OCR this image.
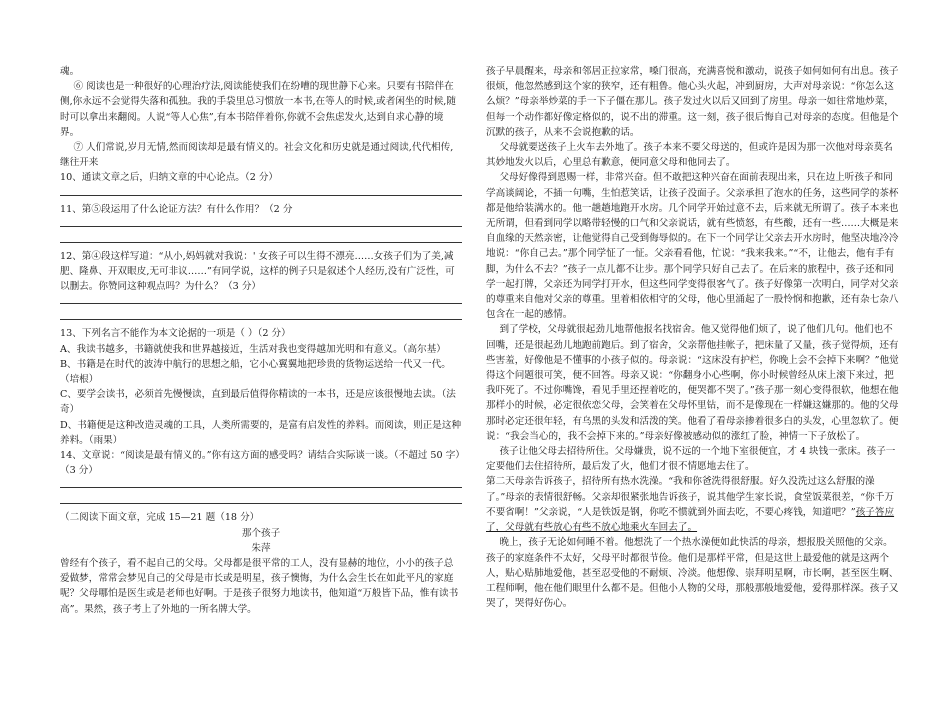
魂。

⑥ 阅读也是一种很好的心理治疗法,阅读能使我们在纷嘈的现世静下心来。只要有书陪伴在侧,你永远不会觉得失落和孤独。我的手袋里总习惯放一本书,在等人的时候,或者闲坐的时候,随时可以拿出来翻阅。人说“等人心焦”,有本书陪伴着你,你就不会焦虑发火,达到自求心静的境界。

⑦ 人们常说,岁月无情,然而阅读却是最有情义的。社会文化和历史就是通过阅读,代代相传,继往开来

10、通读文章之后，归纳文章的中心论点。（2 分）

11、第⑤段运用了什么论证方法？有什么作用？（2 分

12、第④段这样写道：“从小,妈妈就对我说：' 女孩子可以生得不漂亮……女孩子们为了美,减肥、隆鼻、开双眼皮,无可非议……”有同学说，这样的例子只是叙述个人经历,没有广泛性，可以删去。你赞同这种观点吗？为什么？（3 分）

13、下列名言不能作为本文论据的一项是（ ）（2 分）

A、我读书越多，书籍就使我和世界越接近，生活对我也变得越加光明和有意义。（高尔基）

B、书籍是在时代的波涛中航行的思想之船，它小心翼翼地把珍贵的货物运送给一代又一代。（培根）

C、要学会读书，必须首先慢慢读，直到最后值得你精读的一本书，还是应该很慢地去读。（法奇）

D、书籍便是这种改造灵魂的工具，人类所需要的，是富有启发性的养料。而阅读，则正是这种养料。（雨果）

14、文章说：“阅读是最有情义的。”你有这方面的感受吗？请结合实际谈一谈。（不超过 50 字）（3 分）

（二阅读下面文章，完成 15—21 题（18 分）

那个孩子

朱萍

曾经有个孩子，看不起自己的父母。父母都是很平常的工人，没有显赫的地位，小小的孩子总爱做梦，常常会梦见自己的父母是市长或是明星，孩子懊悔，为什么会生长在如此平凡的家庭呢？父母哪怕是医生或是老师也好啊。于是孩子很努力地读书，他知道“万般皆下品，惟有读书高”。果然，孩子考上了外地的一所名牌大学。

孩子早晨醒来，母亲和邻居正拉家常，嗓门很高，充满喜悦和激动，说孩子如何如何有出息。孩子很烦，他忽然感到这个家的狭窄，还有粗鲁。他心头火起，冲到厨房，大声对母亲说：“你怎么这么烦？”母亲举炒菜的手一下子僵在那儿。孩子发过火以后又回到了房里。母亲一如往常地炒菜，但每一个动作都好像定格似的，说不出的滞重。这一刻，孩子很后悔自己对母亲的态度。但他是个沉默的孩子，从来不会说抱歉的话。

父母就要送孩子上火车去外地了。孩子本来不要父母送的，但或许是因为那一次他对母亲莫名其妙地发火以后，心里总有歉意，便同意父母和他同去了。

父母好像得到恩赐一样，非常兴奋。但不敢把这种兴奋在面前表现出来，只在边上听孩子和同学高谈阔论，不插一句嘴，生怕惹笑话，让孩子没面子。父亲承担了泡水的任务，这些同学的茶杯都是他给装满水的。他一趟趟地跑开水房。几个同学开始过意不去，后来就无所谓了。孩子本来也无所谓，但看到同学以略带轻慢的口气和父亲说话，就有些愤怒，有些酸，还有一些……大概是来自血缘的天然亲密，让他觉得自己受到侮辱似的。在下一个同学让父亲去开水房时，他坚决地冷冷地说：“你自己去。”那个同学怔了一怔。父亲看看他，忙说：“我来我来。”“不，让他去，他有手有脚，为什么不去？”孩子一点儿都不让步。那个同学只好自己去了。在后来的旅程中，孩子还和同学一起打牌，父亲还为同学打开水，但这些同学变得很客气了。孩子好像第一次明白，同学对父亲的尊重来自他对父亲的尊重。里着相依相守的父母，他心里涌起了一股怜悯和抱歉，还有杂七杂八包含在一起的感情。

到了学校，父母就很起劲儿地帮他报名找宿舍。他又觉得他们烦了，说了他们几句。他们也不回嘴，还是很起劲儿地跑前跑后。到了宿舍，父亲帮他挂帐子，把床量了又量，孩子觉得烦，还有些害羞，好像他是不懂事的小孩子似的。母亲说：“这床没有护栏，你晚上会不会掉下来啊？”他觉得这个问题很可笑，便不回答。母亲又说：“你翻身小心些啊，你小时候曾经从床上滚下来过，把我吓死了。不过你嘴馋，看见手里还捏着吃的，便哭都不哭了。”孩子那一刻心变得很软，他想在他那样小的时候，必定很依恋父母，会笑着在父母怀里钻，而不是像现在一样嫌这嫌那的。他的父母那时必定还很年轻，有乌黑的头发和活泼的笑。他看了看母亲掺着很多白的头发，心里忽软了。便说：“我会当心的，我不会掉下来的。”母亲好像被感动似的涨红了脸，神情一下子放松了。

孩子让他父母去招待所住。父母嫌贵，说不远的一个地下室很便宜，才 4 块钱一张床。孩子一定要他们去住招待所，最后发了火，他们才很不情愿地去住了。

第二天母亲告诉孩子，招待所有热水洗澡。“我和你爸洗得很舒服。好久没洗过这么舒服的澡了。”母亲的表情很舒畅。父亲却很紧张地告诉孩子，说其他学生家长说，食堂饭菜很差，“你千万不要省啊！”父亲说，“人是铁饭是钢，你吃不惯就到外面去吃，不要心疼钱，知道吧？”孩子答应了，父母就有些放心有些不放心地乘火车回去了。

晚上，孩子无论如何睡不着。他想洗了一个热水澡便如此快活的母亲，想报股关照他的父亲。孩子的家庭条件不太好，父母平时都很节俭。他们是那样平常，但是这世上最爱他的就是这两个人，贴心贴肺地爱他，甚至忍受他的不耐烦、冷淡。他想像、崇拜明星啊，市长啊，甚至医生啊、工程师啊，他在他们眼里什么都不是。但他小人物的父母，那般那般地爱他，爱得那样深。孩子又哭了，哭得好伤心。
